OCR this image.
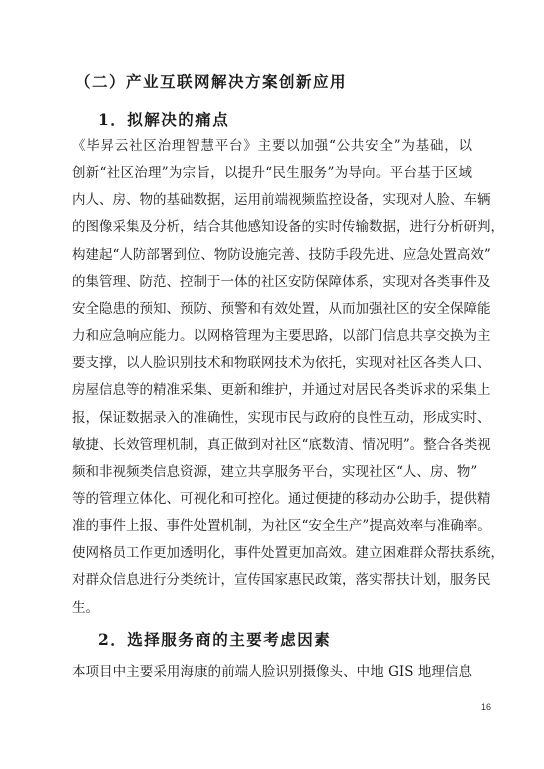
（二）产业互联网解决方案创新应用
1．拟解决的痛点
《毕昇云社区治理智慧平台》主要以加强“公共安全”为基础，以
创新“社区治理”为宗旨，以提升“民生服务”为导向。平台基于区域
内人、房、物的基础数据，运用前端视频监控设备，实现对人脸、车辆
的图像采集及分析，结合其他感知设备的实时传输数据，进行分析研判，
构建起“人防部署到位、物防设施完善、技防手段先进、应急处置高效”
的集管理、防范、控制于一体的社区安防保障体系，实现对各类事件及
安全隐患的预知、预防、预警和有效处置，从而加强社区的安全保障能
力和应急响应能力。以网格管理为主要思路，以部门信息共享交换为主
要支撑，以人脸识别技术和物联网技术为依托，实现对社区各类人口、
房屋信息等的精准采集、更新和维护，并通过对居民各类诉求的采集上
报，保证数据录入的准确性，实现市民与政府的良性互动，形成实时、
敏捷、长效管理机制，真正做到对社区“底数清、情况明”。整合各类视
频和非视频类信息资源，建立共享服务平台，实现社区“人、房、物”
等的管理立体化、可视化和可控化。通过便捷的移动办公助手，提供精
准的事件上报、事件处置机制，为社区“安全生产”提高效率与准确率。
使网格员工作更加透明化，事件处置更加高效。建立困难群众帮扶系统，
对群众信息进行分类统计，宣传国家惠民政策，落实帮扶计划，服务民
生。
2．选择服务商的主要考虑因素
本项目中主要采用海康的前端人脸识别摄像头、中地 GIS 地理信息
16
